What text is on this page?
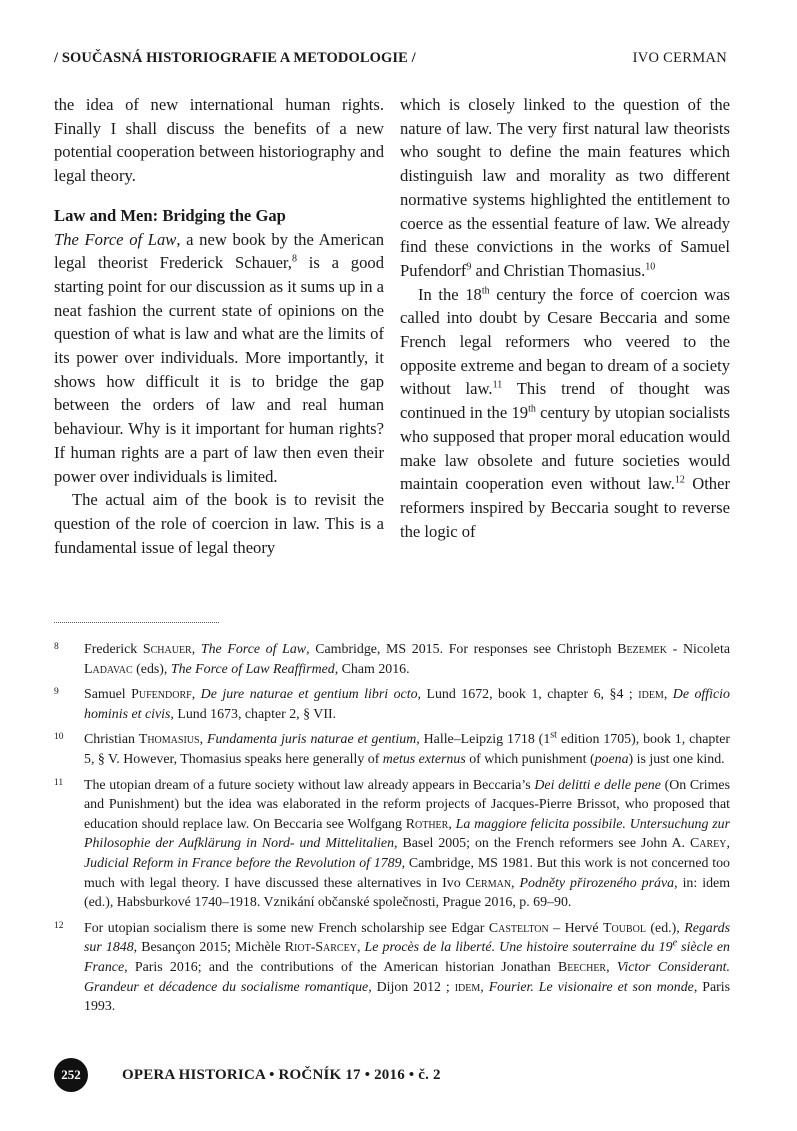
/ SOUČASNÁ HISTORIOGRAFIE A METODOLOGIE /	IVO CERMAN

the idea of new international human rights. Finally I shall discuss the benefits of a new potential cooperation between historiography and legal theory.

Law and Men: Bridging the Gap

The Force of Law, a new book by the American legal theorist Frederick Schauer,$^8$ is a good starting point for our discussion as it sums up in a neat fashion the current state of opinions on the question of what is law and what are the limits of its power over individuals. More importantly, it shows how difficult it is to bridge the gap between the orders of law and real human behaviour. Why is it important for human rights? If human rights are a part of law then even their power over individuals is limited.

The actual aim of the book is to revisit the question of the role of coercion in law. This is a fundamental issue of legal theory

which is closely linked to the question of the nature of law. The very first natural law theorists who sought to define the main features which distinguish law and morality as two different normative systems highlighted the entitlement to coerce as the essential feature of law. We already find these convictions in the works of Samuel Pufendorf$^9$ and Christian Thomasius.$^{10}$

In the 18th century the force of coercion was called into doubt by Cesare Beccaria and some French legal reformers who veered to the opposite extreme and began to dream of a society without law.$^{11}$ This trend of thought was continued in the 19th century by utopian socialists who supposed that proper moral education would make law obsolete and future societies would maintain cooperation even without law.$^{12}$ Other reformers inspired by Beccaria sought to reverse the logic of

8 Frederick Schauer, The Force of Law, Cambridge, MS 2015. For responses see Christoph Bezemek - Nicoleta Ladavac (eds), The Force of Law Reaffirmed, Cham 2016.
9 Samuel Pufendorf, De jure naturae et gentium libri octo, Lund 1672, book 1, chapter 6, §4 ; idem, De officio hominis et civis, Lund 1673, chapter 2, § VII.
10 Christian Thomasius, Fundamenta juris naturae et gentium, Halle–Leipzig 1718 (1st edition 1705), book 1, chapter 5, § V. However, Thomasius speaks here generally of metus externus of which punishment (poena) is just one kind.
11 The utopian dream of a future society without law already appears in Beccaria’s Dei delitti e delle pene (On Crimes and Punishment) but the idea was elaborated in the reform projects of Jacques-Pierre Brissot, who proposed that education should replace law. On Beccaria see Wolfgang Rother, La maggiore felicita possibile. Untersuchung zur Philosophie der Aufklärung in Nord- und Mittelitalien, Basel 2005; on the French reformers see John A. Carey, Judicial Reform in France before the Revolution of 1789, Cambridge, MS 1981. But this work is not concerned too much with legal theory. I have discussed these alternatives in Ivo Cerman, Podněty přirozeného práva, in: idem (ed.), Habsburkové 1740–1918. Vznikání občanské společnosti, Prague 2016, p. 69–90.
12 For utopian socialism there is some new French scholarship see Edgar Castelton – Hervé Toubol (ed.), Regards sur 1848, Besançon 2015; Michèle Riot-Sarcey, Le procès de la liberté. Une histoire souterraine du 19e siècle en France, Paris 2016; and the contributions of the American historian Jonathan Beecher, Victor Considerant. Grandeur et décadence du socialisme romantique, Dijon 2012 ; idem, Fourier. Le visionaire et son monde, Paris 1993.
252	OPERA HISTORICA • ROČNÍK 17 • 2016 • č. 2
